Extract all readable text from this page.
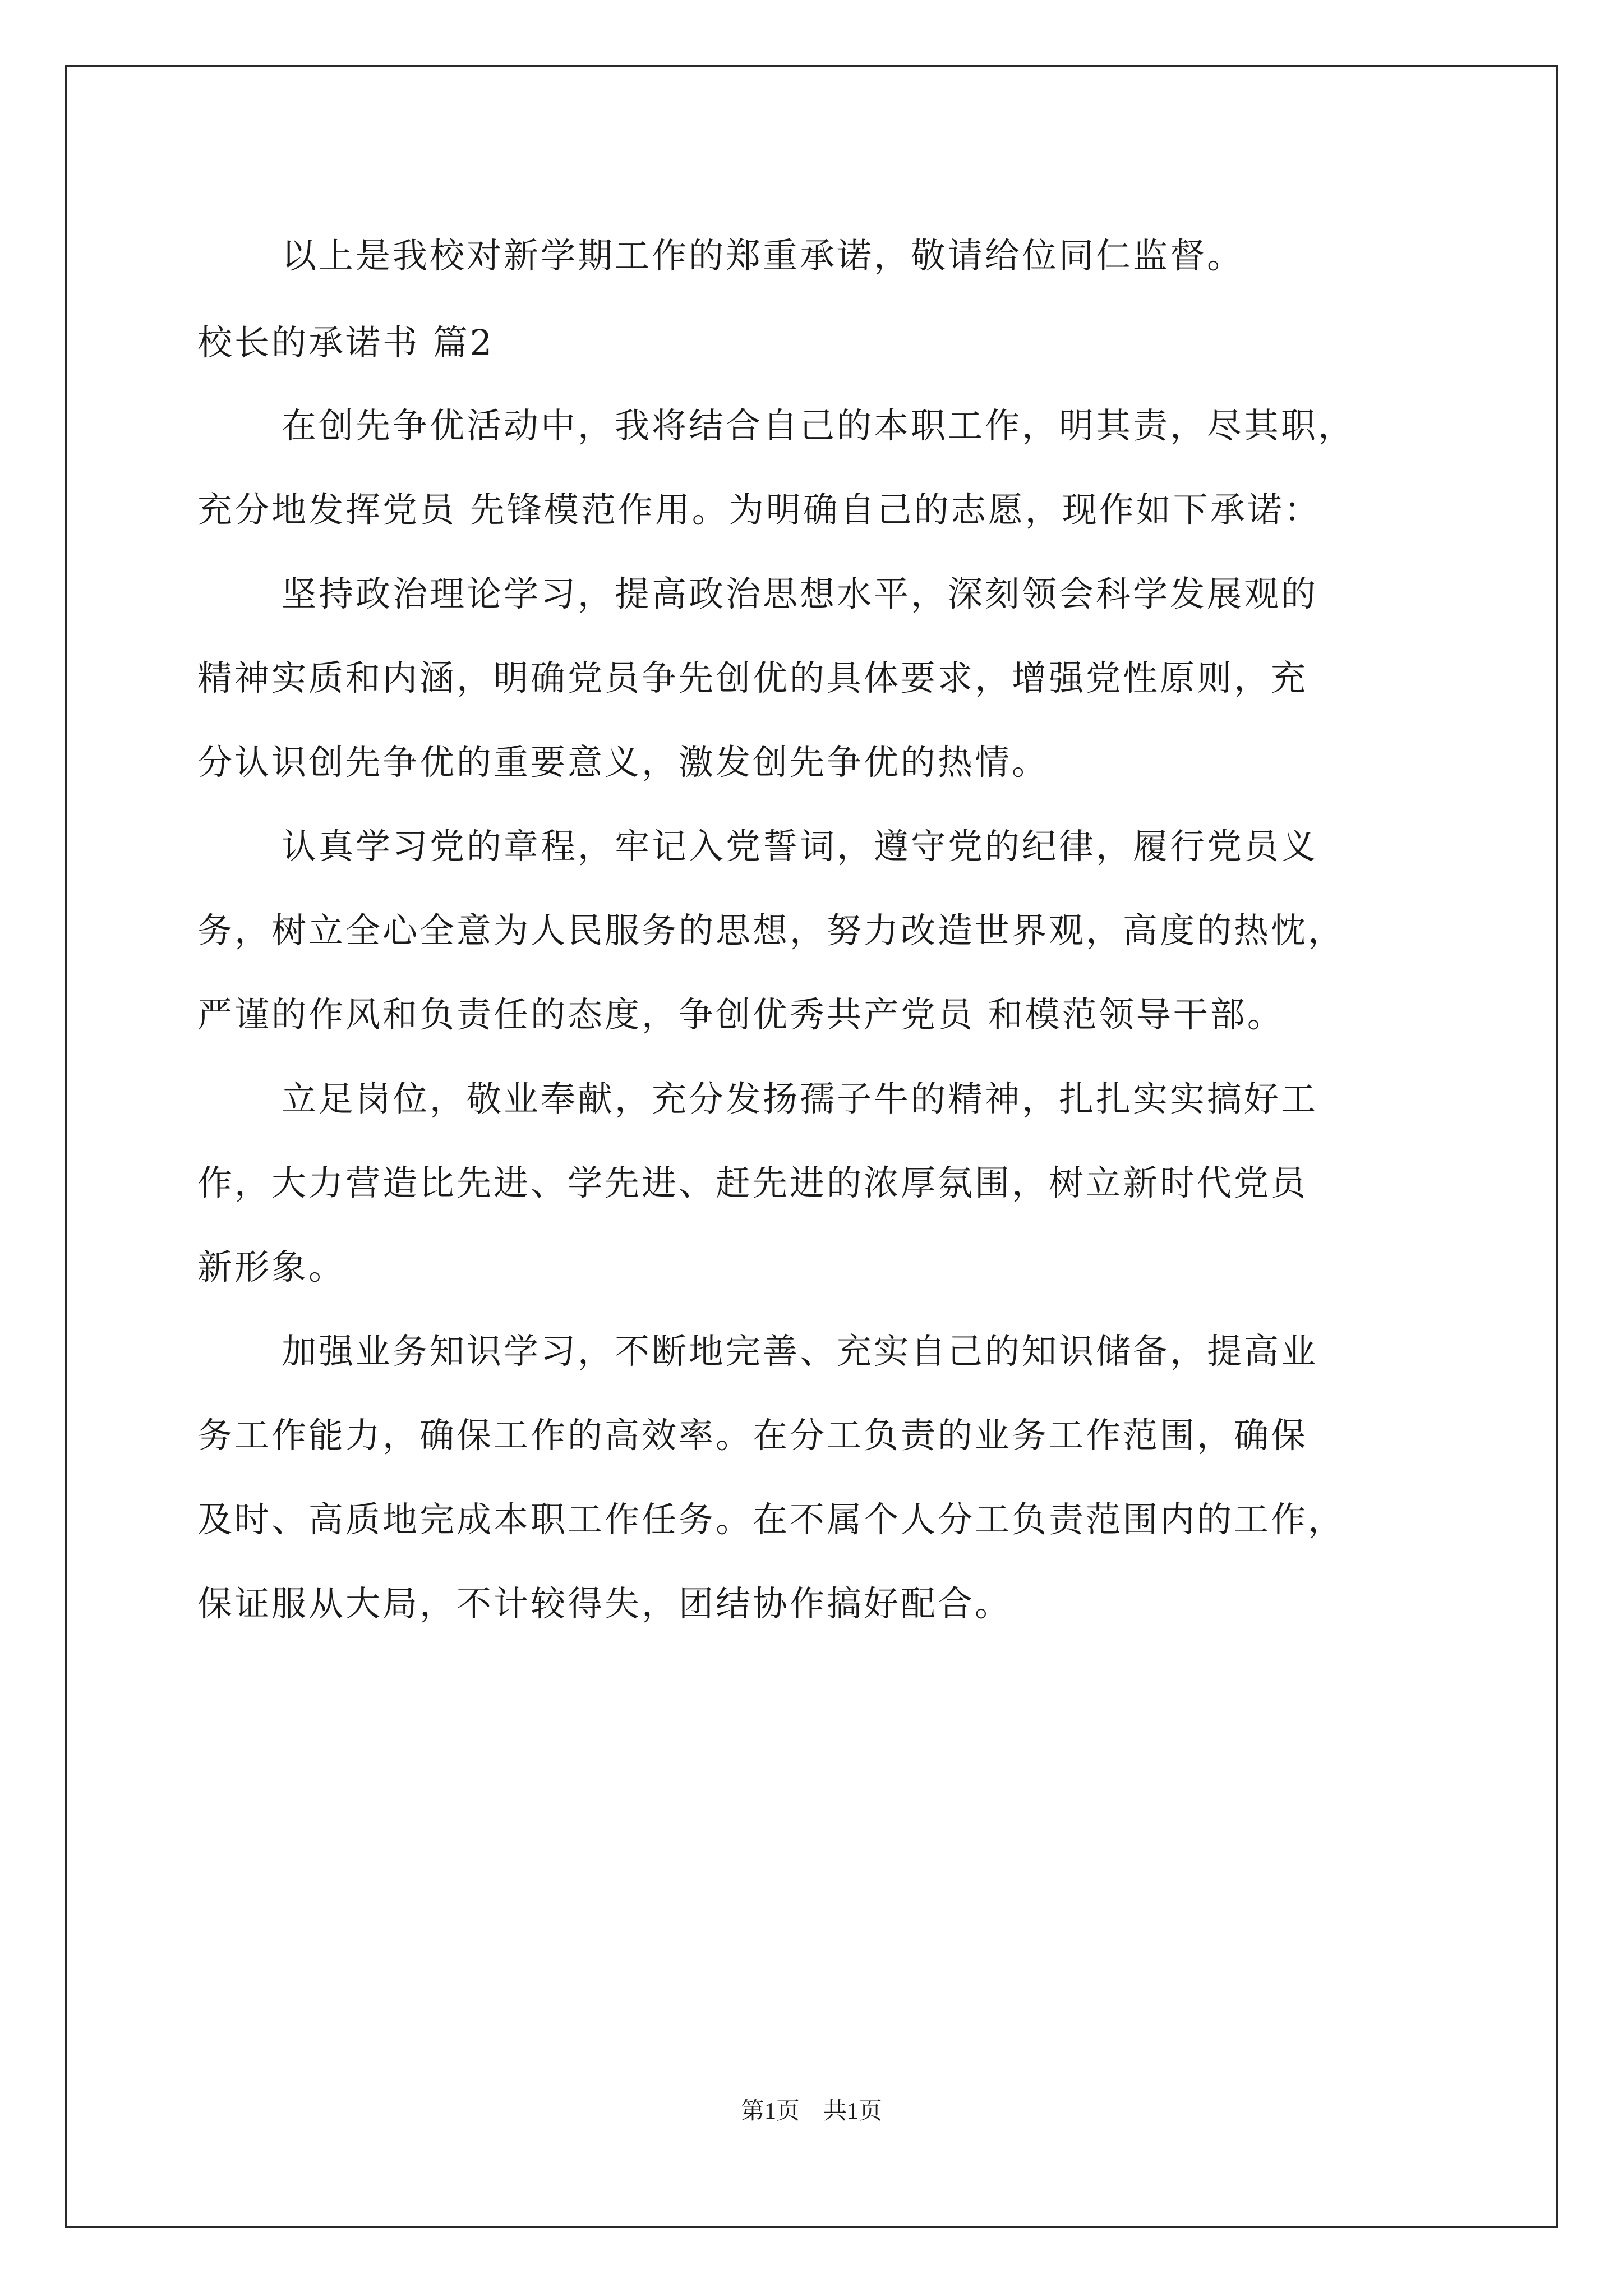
以上是我校对新学期工作的郑重承诺，敬请给位同仁监督。
校长的承诺书 篇2
在创先争优活动中，我将结合自己的本职工作，明其责，尽其职，
充分地发挥党员 先锋模范作用。为明确自己的志愿，现作如下承诺：
坚持政治理论学习，提高政治思想水平，深刻领会科学发展观的
精神实质和内涵，明确党员争先创优的具体要求，增强党性原则，充
分认识创先争优的重要意义，激发创先争优的热情。
认真学习党的章程，牢记入党誓词，遵守党的纪律，履行党员义
务，树立全心全意为人民服务的思想，努力改造世界观，高度的热忱，
严谨的作风和负责任的态度，争创优秀共产党员 和模范领导干部。
立足岗位，敬业奉献，充分发扬孺子牛的精神，扎扎实实搞好工
作，大力营造比先进、学先进、赶先进的浓厚氛围，树立新时代党员
新形象。
加强业务知识学习，不断地完善、充实自己的知识储备，提高业
务工作能力，确保工作的高效率。在分工负责的业务工作范围，确保
及时、高质地完成本职工作任务。在不属个人分工负责范围内的工作，
保证服从大局，不计较得失，团结协作搞好配合。
第1页　共1页
